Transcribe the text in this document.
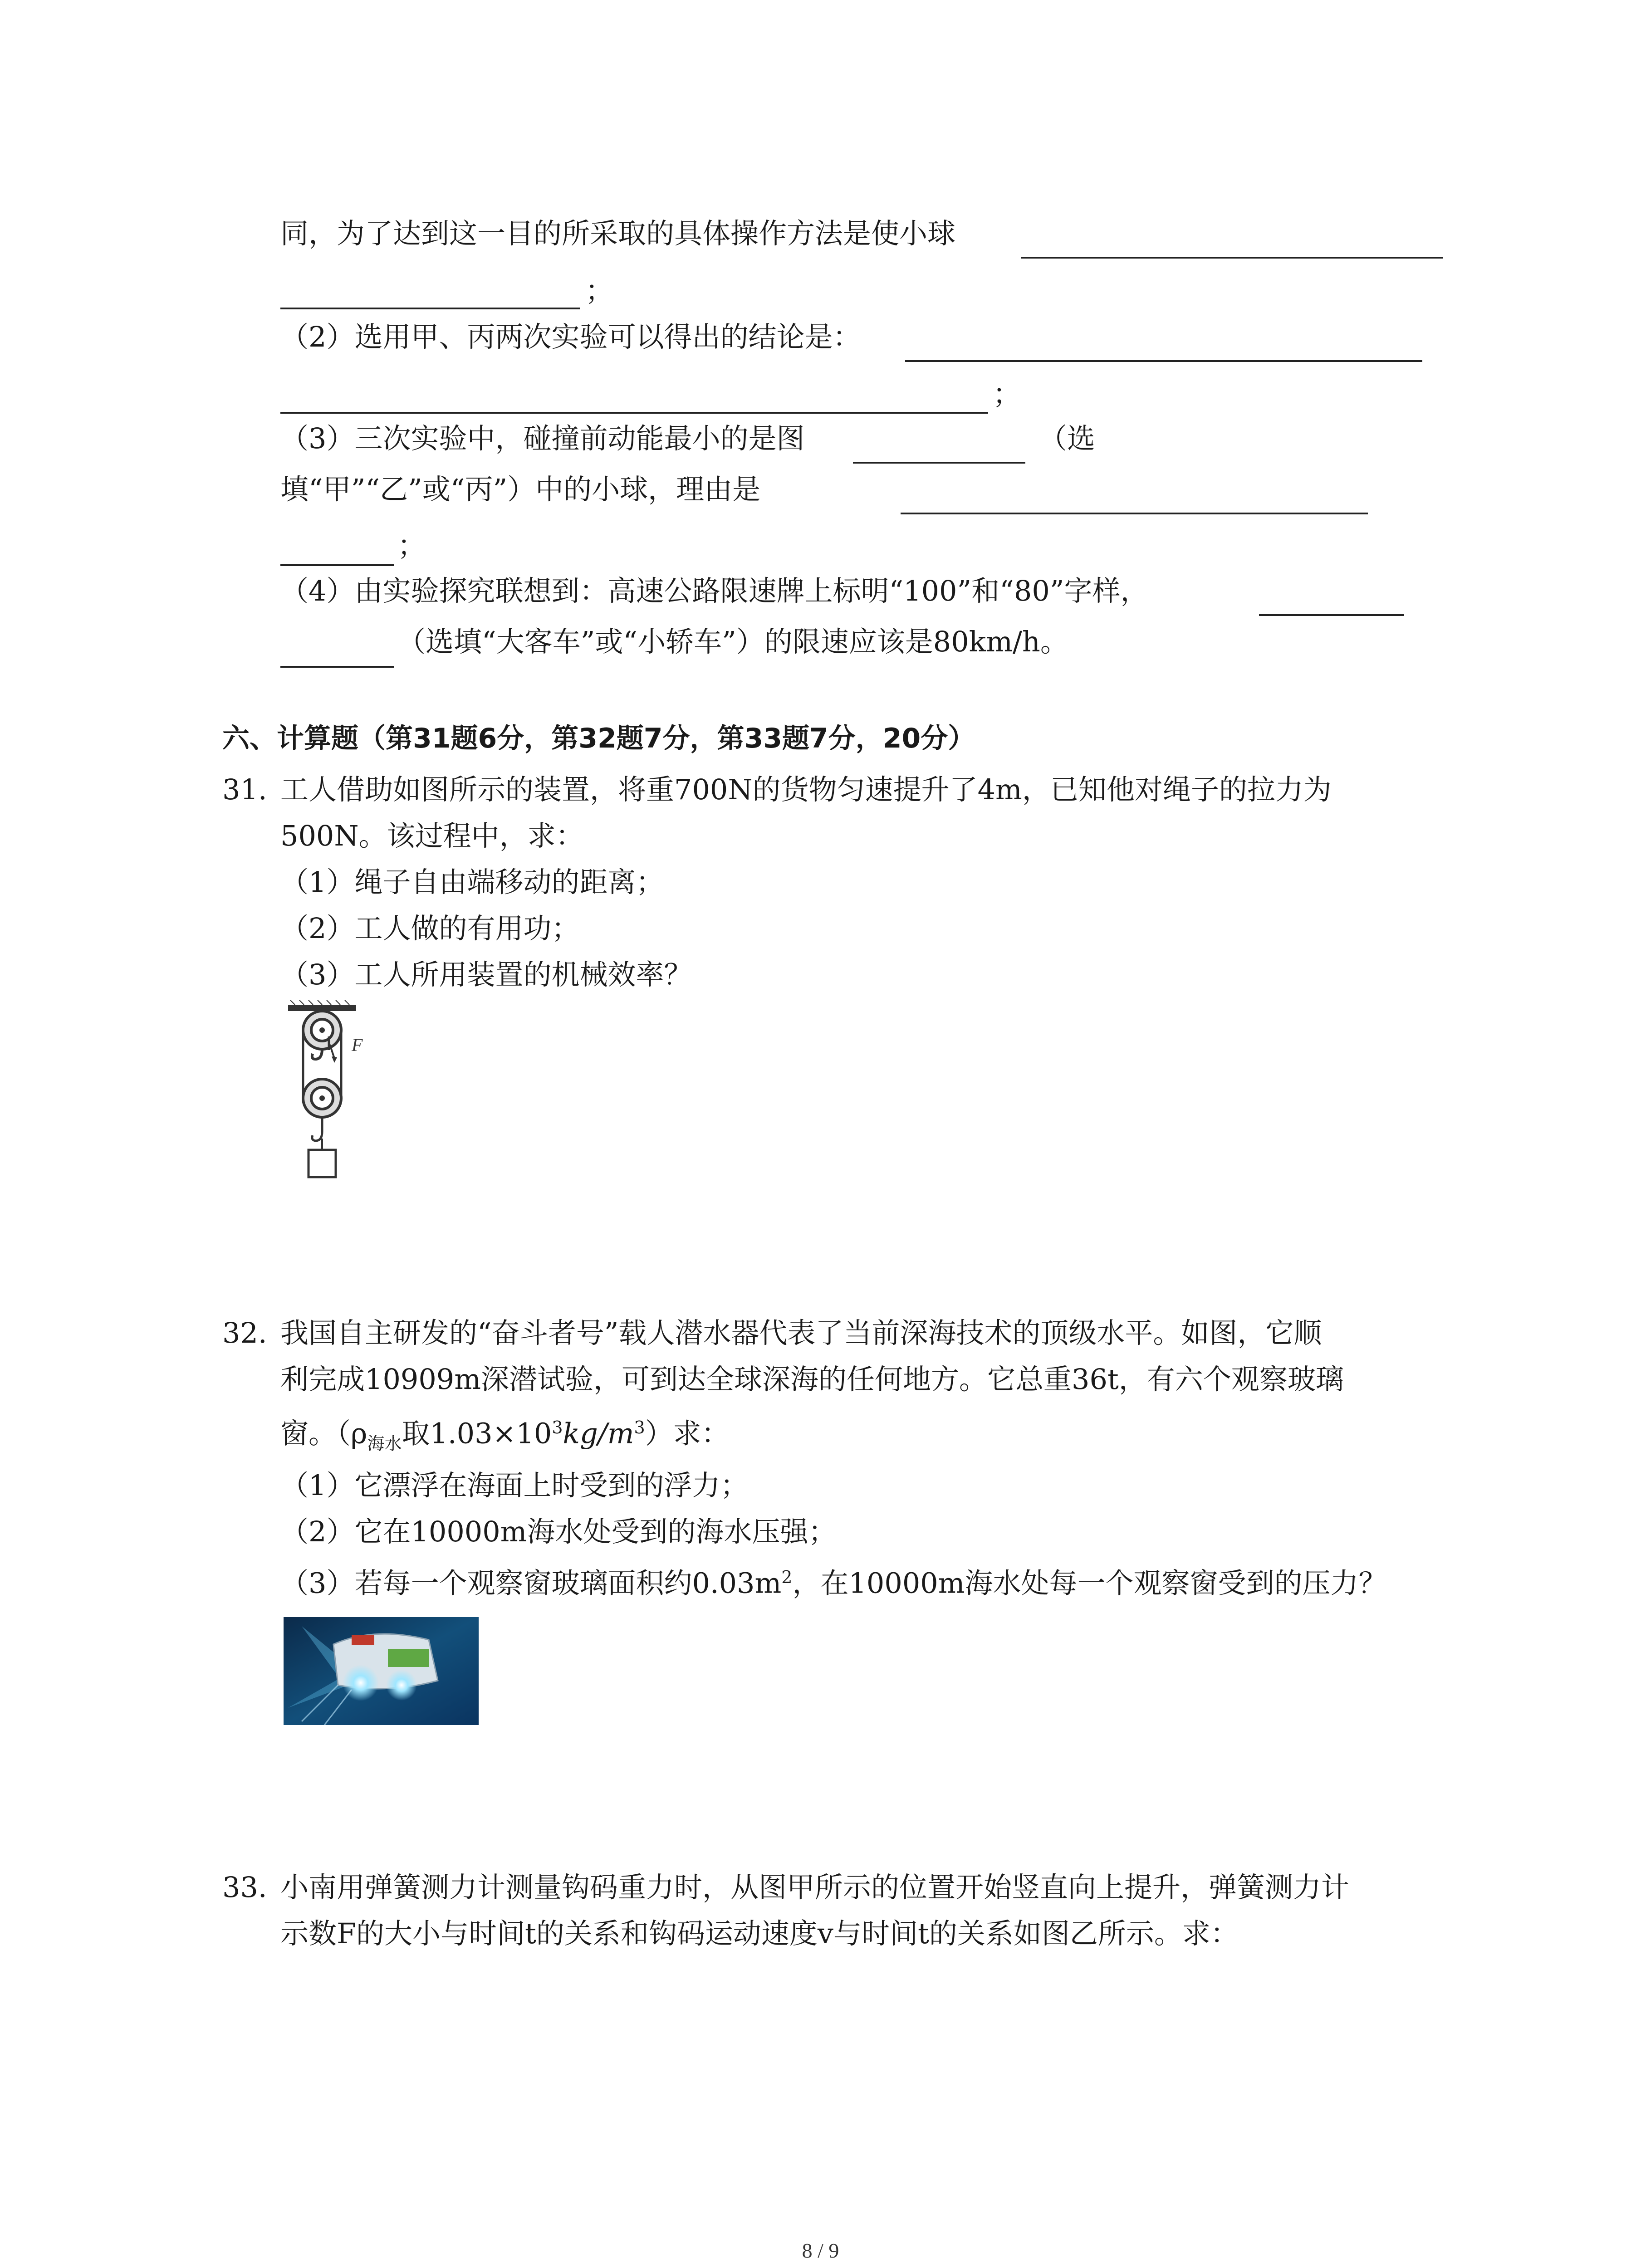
同，为了达到这一目的所采取的具体操作方法是使小球
；
（2）选用甲、丙两次实验可以得出的结论是：
；
（3）三次实验中，碰撞前动能最小的是图	（选
填“甲”“乙”或“丙”）中的小球，理由是
；
（4）由实验探究联想到：高速公路限速牌上标明“100”和“80”字样，
（选填“大客车”或“小轿车”）的限速应该是80km/h。
六、计算题（第31题6分，第32题7分，第33题7分，20分）
31. 工人借助如图所示的装置，将重700N的货物匀速提升了4m，已知他对绳子的拉力为
500N。该过程中，求：
（1）绳子自由端移动的距离；
（2）工人做的有用功；
（3）工人所用装置的机械效率？
F
32. 我国自主研发的“奋斗者号”载人潜水器代表了当前深海技术的顶级水平。如图，它顺
利完成10909m深潜试验，可到达全球深海的任何地方。它总重36t，有六个观察玻璃
窗。（$\rho_{海水}$取$1.03\times 10^3kg/m^3$）求：
（1）它漂浮在海面上时受到的浮力；
（2）它在10000m海水处受到的海水压强；
（3）若每一个观察窗玻璃面积约$0.03m^2$，在10000m海水处每一个观察窗受到的压力？
33. 小南用弹簧测力计测量钩码重力时，从图甲所示的位置开始竖直向上提升，弹簧测力计
示数F的大小与时间t的关系和钩码运动速度v与时间t的关系如图乙所示。求：
8 / 9
